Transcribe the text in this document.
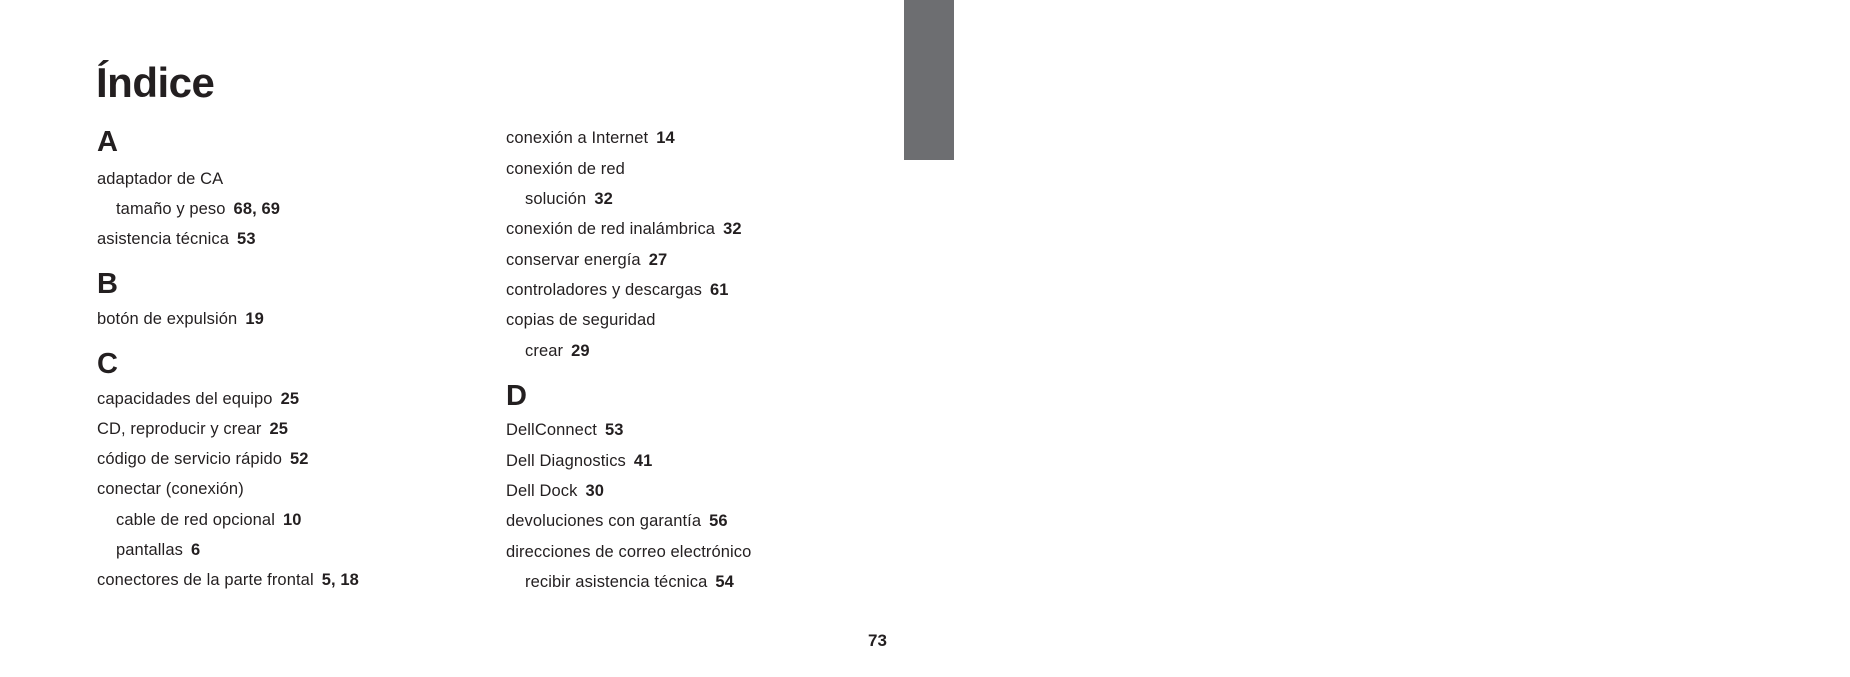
INSPIRON
Índice
A
adaptador de CA
tamaño y peso 68, 69
asistencia técnica 53
B
botón de expulsión 19
C
capacidades del equipo 25
CD, reproducir y crear 25
código de servicio rápido 52
conectar (conexión)
cable de red opcional 10
pantallas 6
conectores de la parte frontal 5, 18
conexión a Internet 14
conexión de red
solución 32
conexión de red inalámbrica 32
conservar energía 27
controladores y descargas 61
copias de seguridad
crear 29
D
DellConnect 53
Dell Diagnostics 41
Dell Dock 30
devoluciones con garantía 56
direcciones de correo electrónico
recibir asistencia técnica 54
73
